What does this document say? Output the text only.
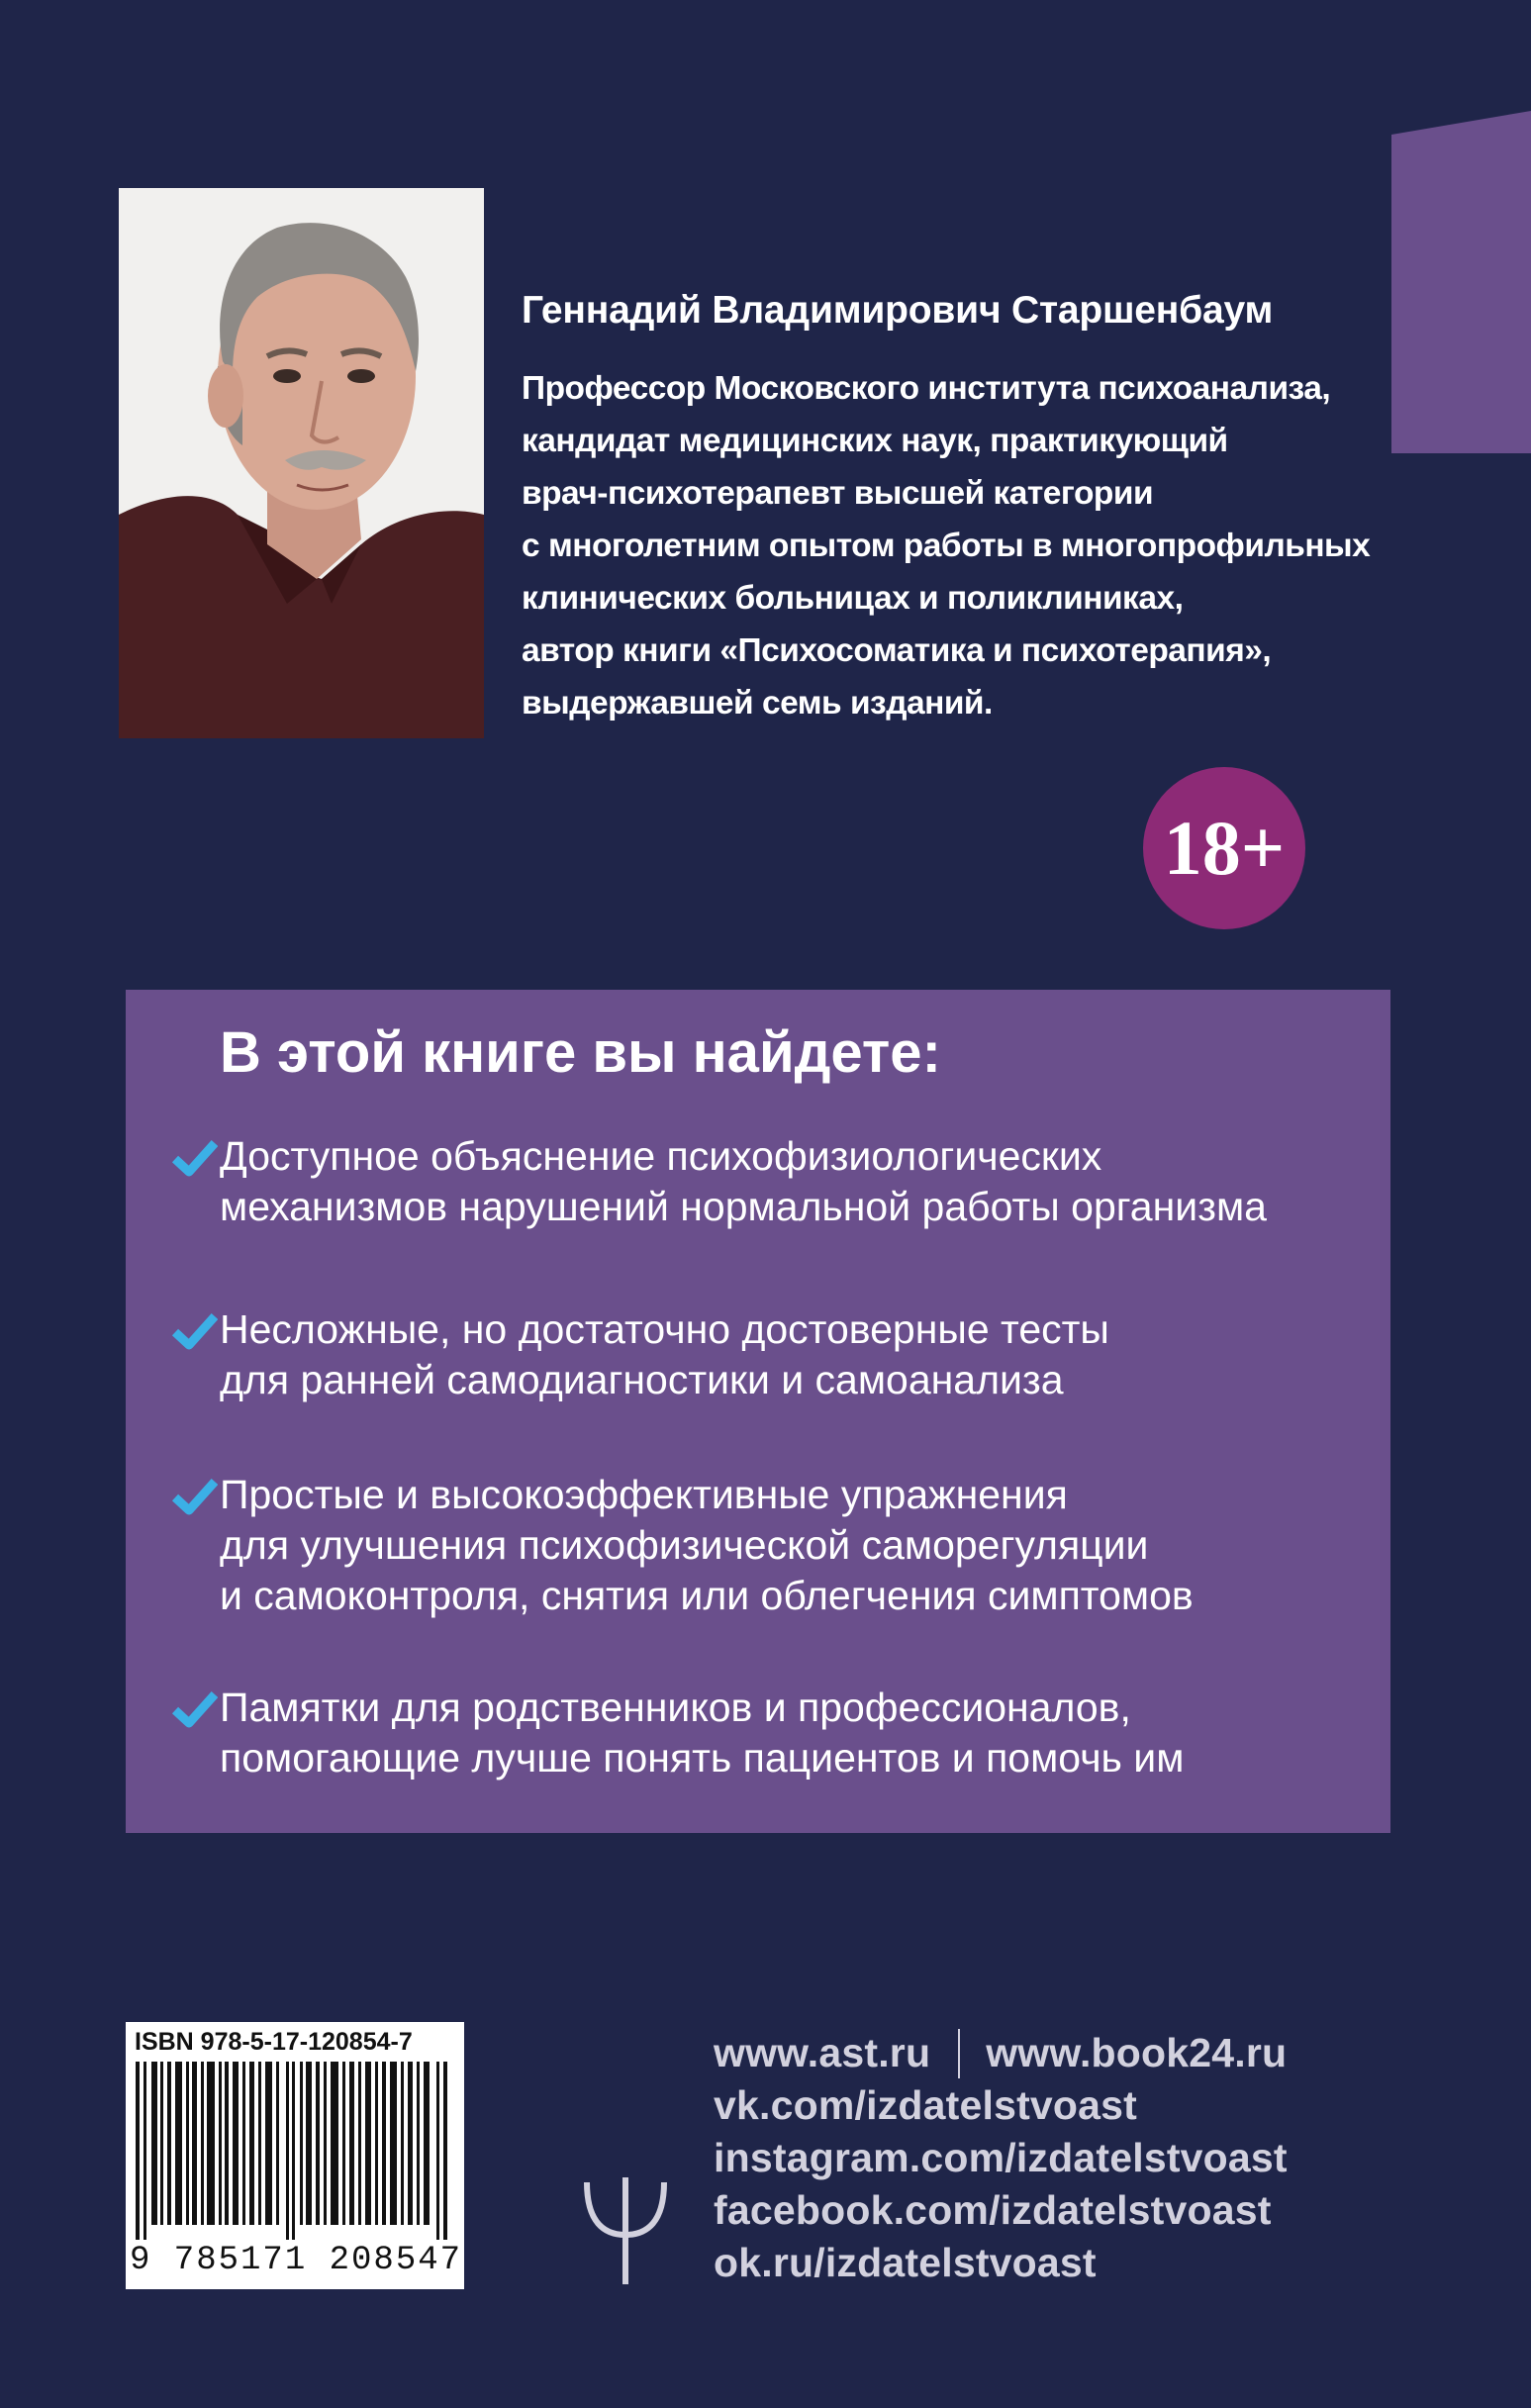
Геннадий Владимирович Старшенбаум
Профессор Московского института психоанализа,
кандидат медицинских наук, практикующий
врач-психотерапевт высшей категории
с многолетним опытом работы в многопрофильных
клинических больницах и поликлиниках,
автор книги «Психосоматика и психотерапия»,
выдержавшей семь изданий.
18+
В этой книге вы найдете:
Доступное объяснение психофизиологических
механизмов нарушений нормальной работы организма
Несложные, но достаточно достоверные тесты
для ранней самодиагностики и самоанализа
Простые и высокоэффективные упражнения
для улучшения психофизической саморегуляции
и самоконтроля, снятия или облегчения симптомов
Памятки для родственников и профессионалов,
помогающие лучше понять пациентов и помочь им
ISBN 978-5-17-120854-7
9 785171 208547
www.ast.ru www.book24.ru
vk.com/izdatelstvoast
instagram.com/izdatelstvoast
facebook.com/izdatelstvoast
ok.ru/izdatelstvoast
